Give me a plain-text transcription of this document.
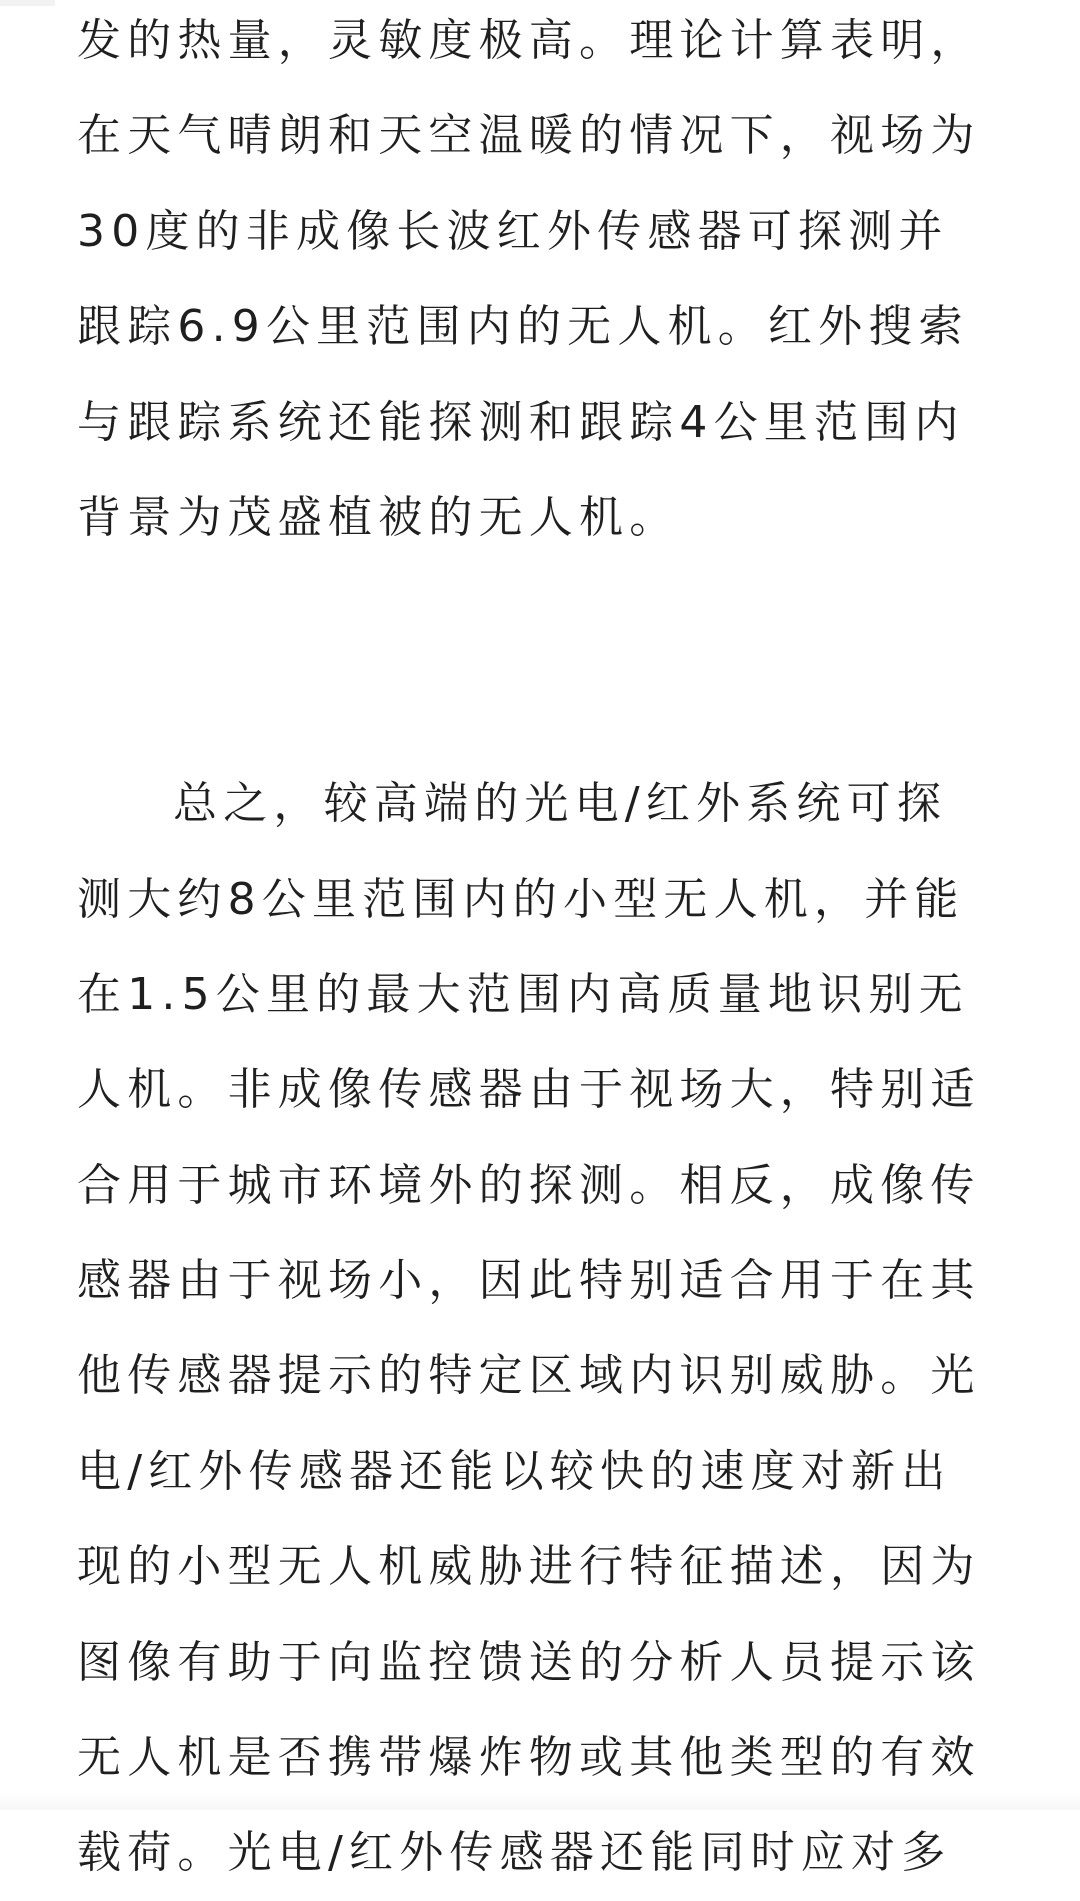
发的热量，灵敏度极高。理论计算表明，
在天气晴朗和天空温暖的情况下，视场为
30度的非成像长波红外传感器可探测并
跟踪6.9公里范围内的无人机。红外搜索
与跟踪系统还能探测和跟踪4公里范围内
背景为茂盛植被的无人机。
总之，较高端的光电/红外系统可探
测大约8公里范围内的小型无人机，并能
在1.5公里的最大范围内高质量地识别无
人机。非成像传感器由于视场大，特别适
合用于城市环境外的探测。相反，成像传
感器由于视场小，因此特别适合用于在其
他传感器提示的特定区域内识别威胁。光
电/红外传感器还能以较快的速度对新出
现的小型无人机威胁进行特征描述，因为
图像有助于向监控馈送的分析人员提示该
无人机是否携带爆炸物或其他类型的有效
载荷。光电/红外传感器还能同时应对多
